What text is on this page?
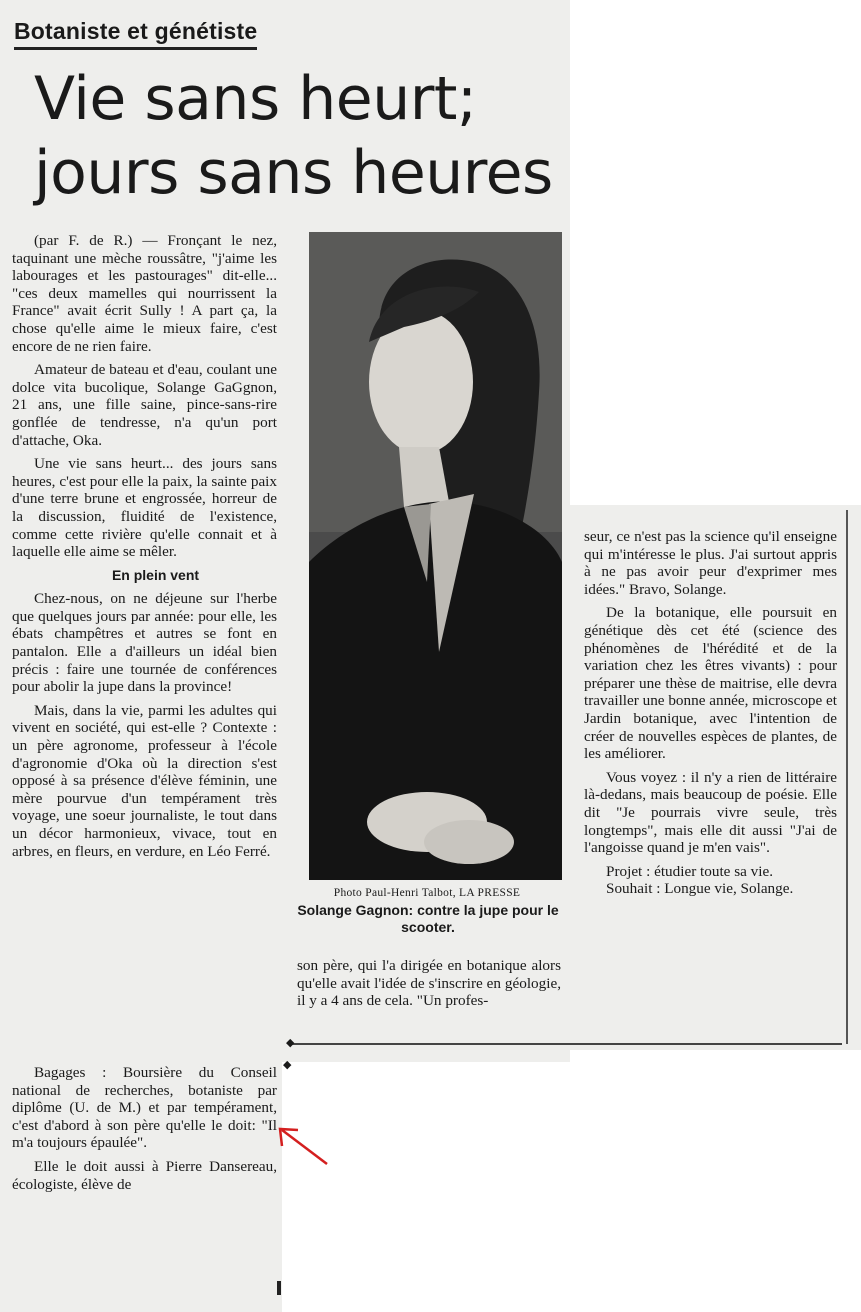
Botaniste et génétiste
Vie sans heurt;
jours sans heures

(par F. de R.) — Fronçant le nez, taquinant une mèche roussâtre, "j'aime les labourages et les pastourages" dit-elle... "ces deux mamelles qui nourrissent la France" avait écrit Sully ! A part ça, la chose qu'elle aime le mieux faire, c'est encore de ne rien faire.

Amateur de bateau et d'eau, coulant une dolce vita bucolique, Solange GaGgnon, 21 ans, une fille saine, pince-sans-rire gonflée de tendresse, n'a qu'un port d'attache, Oka.

Une vie sans heurt... des jours sans heures, c'est pour elle la paix, la sainte paix d'une terre brune et engrossée, horreur de la discussion, fluidité de l'existence, comme cette rivière qu'elle connait et à laquelle elle aime se mêler.

En plein vent

Chez-nous, on ne déjeune sur l'herbe que quelques jours par année: pour elle, les ébats champêtres et autres se font en pantalon. Elle a d'ailleurs un idéal bien précis : faire une tournée de conférences pour abolir la jupe dans la province!

Mais, dans la vie, parmi les adultes qui vivent en société, qui est-elle ? Contexte : un père agronome, professeur à l'école d'agronomie d'Oka où la direction s'est opposé à sa présence d'élève féminin, une mère pourvue d'un tempérament très voyage, une soeur journaliste, le tout dans un décor harmonieux, vivace, tout en arbres, en fleurs, en verdure, en Léo Ferré.

Bagages : Boursière du Conseil national de recherches, botaniste par diplôme (U. de M.) et par tempérament, c'est d'abord à son père qu'elle le doit: "Il m'a toujours épaulée".

Elle le doit aussi à Pierre Dansereau, écologiste, élève de

Photo Paul-Henri Talbot, LA PRESSE
Solange Gagnon: contre la jupe pour le scooter.

son père, qui l'a dirigée en botanique alors qu'elle avait l'idée de s'inscrire en géologie, il y a 4 ans de cela. "Un profes-

seur, ce n'est pas la science qu'il enseigne qui m'intéresse le plus. J'ai surtout appris à ne pas avoir peur d'exprimer mes idées." Bravo, Solange.

De la botanique, elle poursuit en génétique dès cet été (science des phénomènes de l'hérédité et de la variation chez les êtres vivants) : pour préparer une thèse de maitrise, elle devra travailler une bonne année, microscope et Jardin botanique, avec l'intention de créer de nouvelles espèces de plantes, de les améliorer.

Vous voyez : il n'y a rien de littéraire là-dedans, mais beaucoup de poésie. Elle dit "Je pourrais vivre seule, très longtemps", mais elle dit aussi "J'ai de l'angoisse quand je m'en vais".

Projet : étudier toute sa vie.

Souhait : Longue vie, Solange.

◆
◆
